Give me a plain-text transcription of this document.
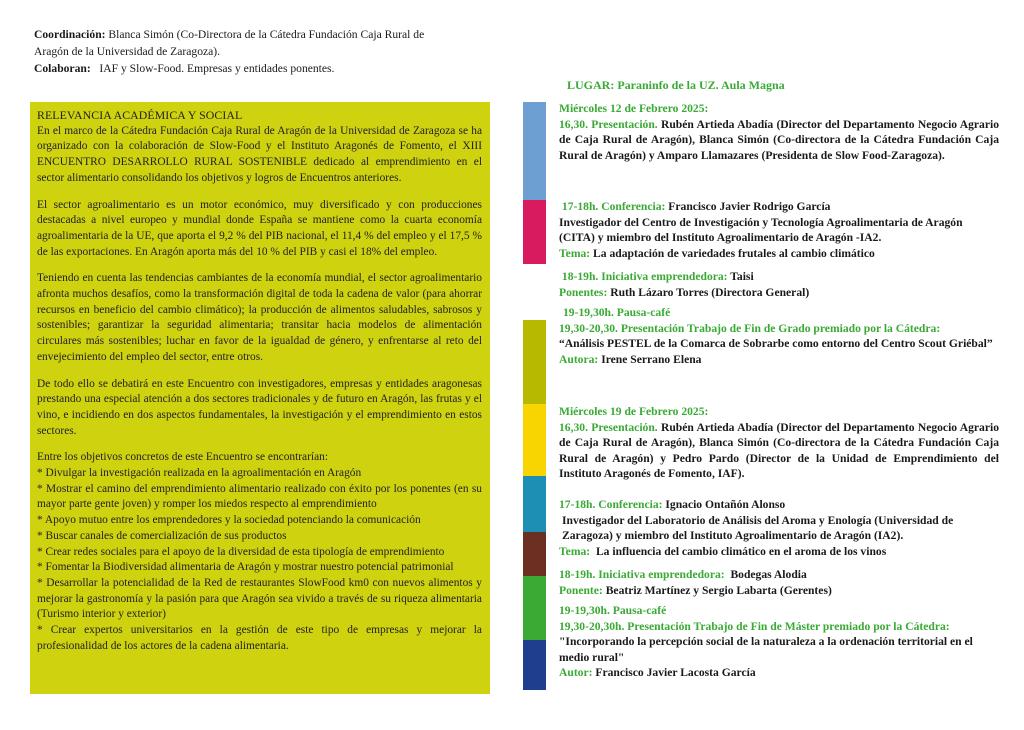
Coordinación: Blanca Simón (Co-Directora de la Cátedra Fundación Caja Rural de

Aragón de la Universidad de Zaragoza).

Colaboran: IAF y Slow-Food. Empresas y entidades ponentes.

RELEVANCIA ACADÉMICA Y SOCIAL

En el marco de la Cátedra Fundación Caja Rural de Aragón de la Universidad de Zaragoza se ha organizado con la colaboración de Slow-Food y el Instituto Aragonés de Fomento, el XIII ENCUENTRO DESARROLLO RURAL SOSTENIBLE dedicado al emprendimiento en el sector alimentario consolidando los objetivos y logros de Encuentros anteriores.

El sector agroalimentario es un motor económico, muy diversificado y con producciones destacadas a nivel europeo y mundial donde España se mantiene como la cuarta economía agroalimentaria de la UE, que aporta el 9,2 % del PIB nacional, el 11,4 % del empleo y el 17,5 % de las exportaciones. En Aragón aporta más del 10 % del PIB y casi el 18% del empleo.

Teniendo en cuenta las tendencias cambiantes de la economía mundial, el sector agroalimentario afronta muchos desafíos, como la transformación digital de toda la cadena de valor (para ahorrar recursos en beneficio del cambio climático); la producción de alimentos saludables, sabrosos y sostenibles; garantizar la seguridad alimentaria; transitar hacia modelos de alimentación circulares más sostenibles; luchar en favor de la igualdad de género, y enfrentarse al reto del envejecimiento del empleo del sector, entre otros.

De todo ello se debatirá en este Encuentro con investigadores, empresas y entidades aragonesas prestando una especial atención a dos sectores tradicionales y de futuro en Aragón, las frutas y el vino, e incidiendo en dos aspectos fundamentales, la investigación y el emprendimiento en estos sectores.

Entre los objetivos concretos de este Encuentro se encontrarían:

* Divulgar la investigación realizada en la agroalimentación en Aragón

* Mostrar el camino del emprendimiento alimentario realizado con éxito por los ponentes (en su mayor parte gente joven) y romper los miedos respecto al emprendimiento

* Apoyo mutuo entre los emprendedores y la sociedad potenciando la comunicación

* Buscar canales de comercialización de sus productos

* Crear redes sociales para el apoyo de la diversidad de esta tipología de emprendimiento

* Fomentar la Biodiversidad alimentaria de Aragón y mostrar nuestro potencial patrimonial

* Desarrollar la potencialidad de la Red de restaurantes SlowFood km0 con nuevos alimentos y mejorar la gastronomía y la pasión para que Aragón sea vivido a través de su riqueza alimentaria (Turismo interior y exterior)

* Crear expertos universitarios en la gestión de este tipo de empresas y mejorar la profesionalidad de los actores de la cadena alimentaria.

LUGAR: Paraninfo de la UZ. Aula Magna

Miércoles 12 de Febrero 2025:

16,30. Presentación. Rubén Artieda Abadía (Director del Departamento Negocio Agrario de Caja Rural de Aragón), Blanca Simón (Co-directora de la Cátedra Fundación Caja Rural de Aragón) y Amparo Llamazares (Presidenta de Slow Food-Zaragoza).

17-18h. Conferencia: Francisco Javier Rodrigo García

Investigador del Centro de Investigación y Tecnología Agroalimentaria de Aragón (CITA) y miembro del Instituto Agroalimentario de Aragón -IA2.

Tema: La adaptación de variedades frutales al cambio climático

18-19h. Iniciativa emprendedora: Taisi

Ponentes: Ruth Lázaro Torres (Directora General)

19-19,30h. Pausa-café

19,30-20,30. Presentación Trabajo de Fin de Grado premiado por la Cátedra:

“Análisis PESTEL de la Comarca de Sobrarbe como entorno del Centro Scout Griébal”

Autora: Irene Serrano Elena

Miércoles 19 de Febrero 2025:

16,30. Presentación. Rubén Artieda Abadía (Director del Departamento Negocio Agrario de Caja Rural de Aragón), Blanca Simón (Co-directora de la Cátedra Fundación Caja Rural de Aragón) y Pedro Pardo (Director de la Unidad de Emprendimiento del Instituto Aragonés de Fomento, IAF).

17-18h. Conferencia: Ignacio Ontañón Alonso

Investigador del Laboratorio de Análisis del Aroma y Enología (Universidad de Zaragoza) y miembro del Instituto Agroalimentario de Aragón (IA2).

Tema: La influencia del cambio climático en el aroma de los vinos

18-19h. Iniciativa emprendedora: Bodegas Alodia

Ponente: Beatriz Martínez y Sergio Labarta (Gerentes)

19-19,30h. Pausa-café

19,30-20,30h. Presentación Trabajo de Fin de Máster premiado por la Cátedra:

"Incorporando la percepción social de la naturaleza a la ordenación territorial en el medio rural"

Autor: Francisco Javier Lacosta García
